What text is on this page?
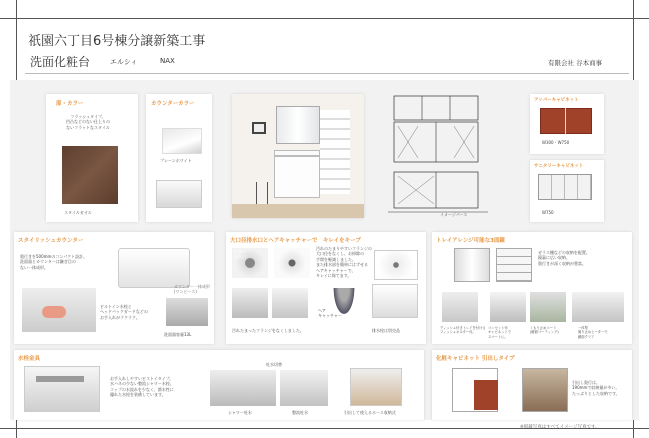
祇園六丁目6号棟分譲新築工事
洗面化粧台	エルシィ	NAX	有限会社 谷本商事
扉・カラー
フラッシュタイプ。
凹凸などのない仕上りの
ないフラットなスタイル
スタイルガオル
カウンターカラー
プレーンホワイト
イメージパース
アッパーキャビネット
W300・W750
サニタリーキャビネット
W750
スタイリッシュカウンター
奥行きを500mmのコンパクト設計。
洗面器とカウンターは継ぎ目の
ない一体成形。
カウンター一体成形
(ワンピース)
ビルトイン水栓と
ヘッドバックガードなどの
お手入れがラクラク。
洗面器容量13L
大口径排水口とヘアキャッチャーで　キレイをキープ
従来の
排水口
新しい
排水口
汚れのたまりやすいフランジの
大口径をなくし、お掃除の
手間を軽減しました。
また排水部を簡単にはずせる
ヘアキャッチャーで、
キレイに保てます。
ヘア
キャッチャー
汚れたまったフランジをなくしました。	排水栓は別売品
トレイアレンジ可能な3面鏡
ガラス棚などの収納を配置。
鏡裏に広い収納、
奥行きが深く収納が豊富。
ディッシュ付きトレイを付ける
フィッシュホルダー付。
コンセント付
キャビネットで
スマートに。
くもり止めコート
(鏡面コーティング)
一体型
曇り止めヒーターで
鏡面クリア
水栓金具
お手入れしやすいビストイタイプ。
水ハネの少ない整流シャワー水栓。
コップの水流れを少なく、節水性に
優れた水栓を装備しています。
吐水切替
シャワー吐水	整流吐水	引出して使えるホース収納式
化粧キャビネット 引出しタイプ
引出し奥行は、
190mmで収納量が多い。
たっぷりとした収納です。
※掲載写真はすべてイメージ写真です。
